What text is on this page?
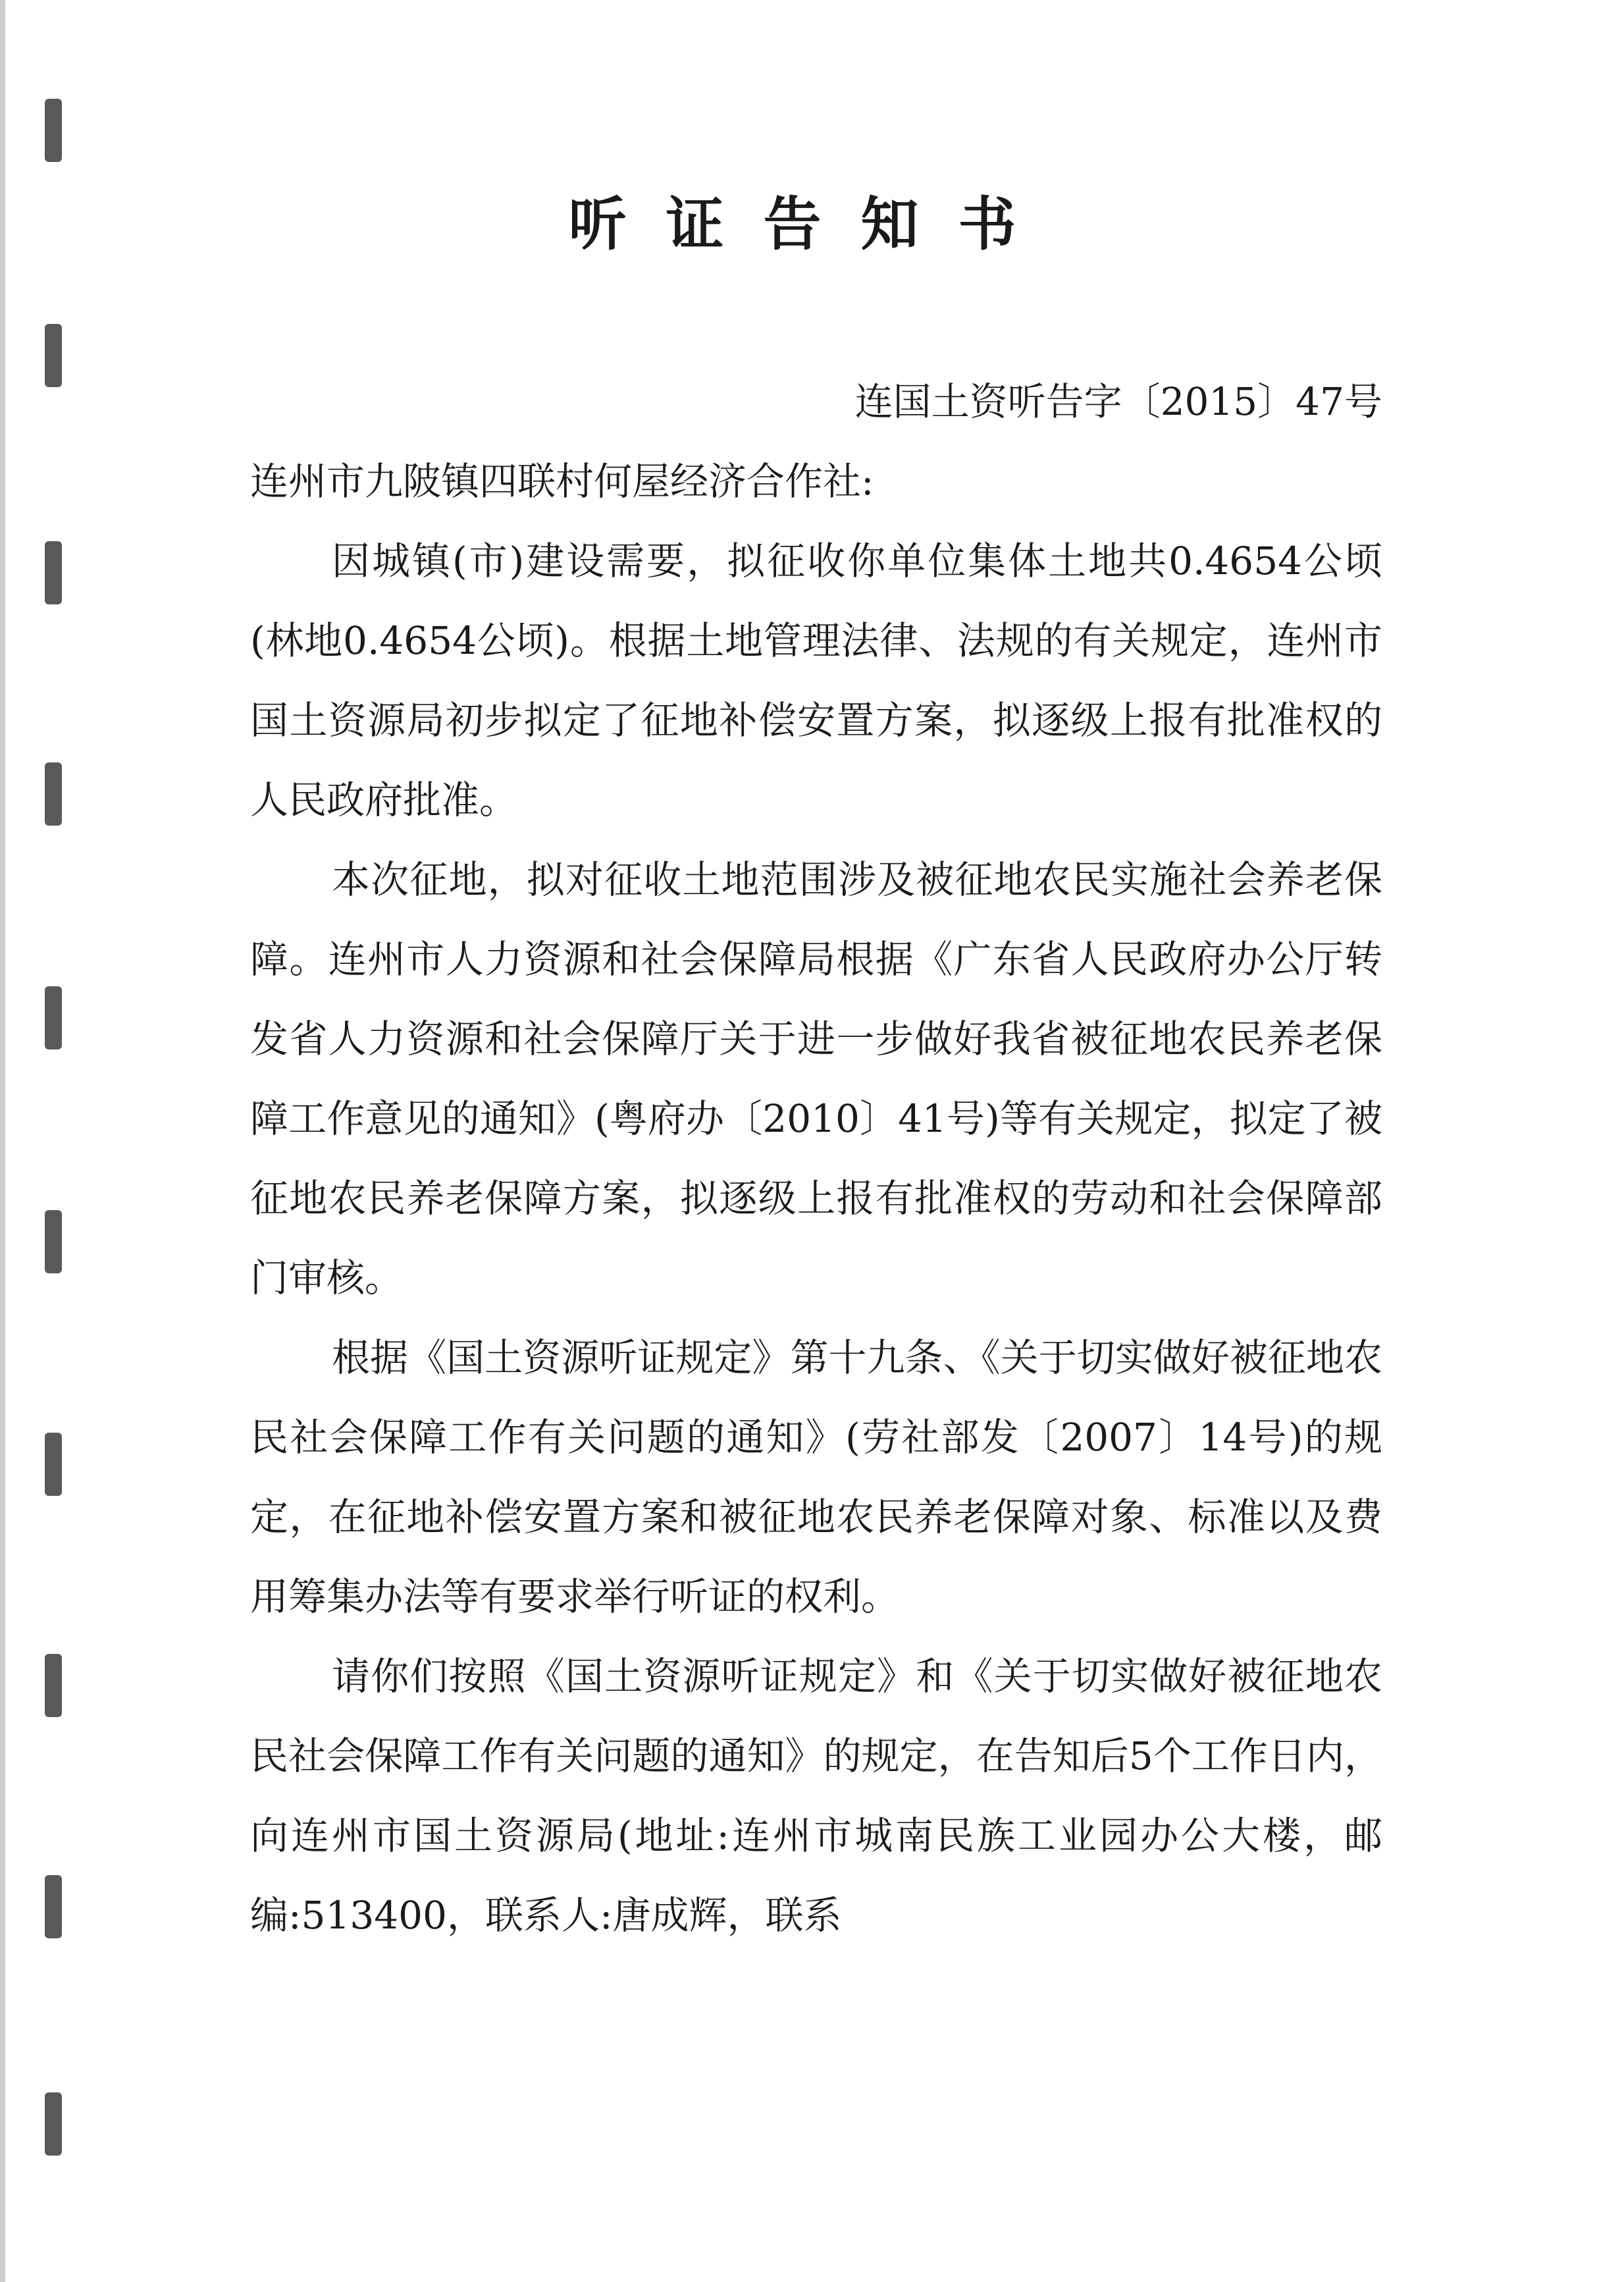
听证告知书

连国土资听告字〔2015〕47号

连州市九陂镇四联村何屋经济合作社:

因城镇(市)建设需要，拟征收你单位集体土地共0.4654公顷(林地0.4654公顷)。根据土地管理法律、法规的有关规定，连州市国土资源局初步拟定了征地补偿安置方案，拟逐级上报有批准权的人民政府批准。

本次征地，拟对征收土地范围涉及被征地农民实施社会养老保障。连州市人力资源和社会保障局根据《广东省人民政府办公厅转发省人力资源和社会保障厅关于进一步做好我省被征地农民养老保障工作意见的通知》(粤府办〔2010〕41号)等有关规定，拟定了被征地农民养老保障方案，拟逐级上报有批准权的劳动和社会保障部门审核。

根据《国土资源听证规定》第十九条、《关于切实做好被征地农民社会保障工作有关问题的通知》(劳社部发〔2007〕14号)的规定，在征地补偿安置方案和被征地农民养老保障对象、标准以及费用筹集办法等有要求举行听证的权利。

请你们按照《国土资源听证规定》和《关于切实做好被征地农民社会保障工作有关问题的通知》的规定，在告知后5个工作日内，向连州市国土资源局(地址:连州市城南民族工业园办公大楼，邮编:513400，联系人:唐成辉，联系
